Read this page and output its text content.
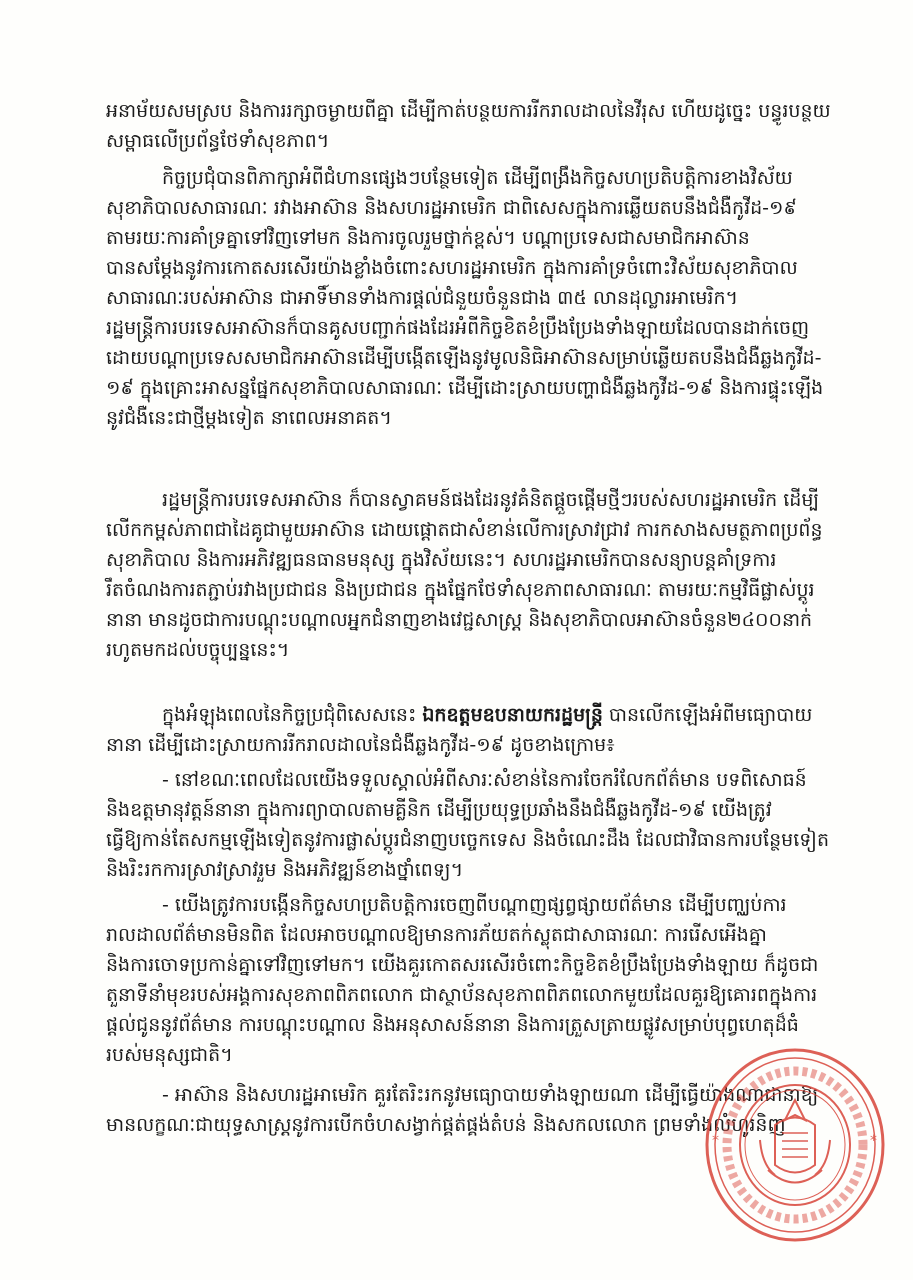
អនាម័យសមស្រប និងការរក្សាចម្ងាយពីគ្នា ដើម្បីកាត់បន្ថយការរីករាលដាលនៃវីរុស ហើយដូច្នេះ បន្ធូរបន្ថយ
សម្ពាធលើប្រព័ន្ធថែទាំសុខភាព។
កិច្ចប្រជុំបានពិភាក្សាអំពីជំហានផ្សេងៗបន្ថែមទៀត ដើម្បីពង្រឹងកិច្ចសហប្រតិបត្តិការខាងវិស័យ
សុខាភិបាលសាធារណៈ រវាងអាស៊ាន និងសហរដ្ឋអាមេរិក ជាពិសេសក្នុងការឆ្លើយតបនឹងជំងឺកូវីដ-១៩
តាមរយៈការគាំទ្រគ្នាទៅវិញទៅមក និងការចូលរួមថ្នាក់ខ្ពស់។ បណ្ដាប្រទេសជាសមាជិកអាស៊ាន
បានសម្ដែងនូវការកោតសរសើរយ៉ាងខ្លាំងចំពោះសហរដ្ឋអាមេរិក ក្នុងការគាំទ្រចំពោះវិស័យសុខាភិបាល
សាធារណៈរបស់អាស៊ាន ជាអាទិ៍មានទាំងការផ្ដល់ជំនួយចំនួនជាង ៣៥ លានដុល្លារអាមេរិក។
រដ្ឋមន្ត្រីការបរទេសអាស៊ានក៏បានគូសបញ្ជាក់ផងដែរអំពីកិច្ចខិតខំប្រឹងប្រែងទាំងឡាយដែលបានដាក់ចេញ
ដោយបណ្ដាប្រទេសសមាជិកអាស៊ានដើម្បីបង្កើតឡើងនូវមូលនិធិអាស៊ានសម្រាប់ឆ្លើយតបនឹងជំងឺឆ្លងកូវីដ-
១៩ ក្នុងគ្រោះអាសន្នផ្នែកសុខាភិបាលសាធារណៈ ដើម្បីដោះស្រាយបញ្ហាជំងឺឆ្លងកូវីដ-១៩ និងការផ្ទុះឡើង
នូវជំងឺនេះជាថ្មីម្ដងទៀត នាពេលអនាគត។
រដ្ឋមន្ត្រីការបរទេសអាស៊ាន ក៏បានស្វាគមន៍ផងដែរនូវគំនិតផ្ដួចផ្ដើមថ្មីៗរបស់សហរដ្ឋអាមេរិក ដើម្បី
លើកកម្ពស់ភាពជាដៃគូជាមួយអាស៊ាន ដោយផ្ដោតជាសំខាន់លើការស្រាវជ្រាវ ការកសាងសមត្ថភាពប្រព័ន្ធ
សុខាភិបាល និងការអភិវឌ្ឍធនធានមនុស្ស ក្នុងវិស័យនេះ។ សហរដ្ឋអាមេរិកបានសន្យាបន្តគាំទ្រការ
រឹតចំណងការតភ្ជាប់រវាងប្រជាជន និងប្រជាជន ក្នុងផ្នែកថែទាំសុខភាពសាធារណៈ តាមរយៈកម្មវិធីផ្លាស់ប្ដូរ
នានា មានដូចជាការបណ្ដុះបណ្ដាលអ្នកជំនាញខាងវេជ្ជសាស្ត្រ និងសុខាភិបាលអាស៊ានចំនួន២៤០០នាក់
រហូតមកដល់បច្ចុប្បន្ននេះ។
ក្នុងអំឡុងពេលនៃកិច្ចប្រជុំពិសេសនេះ ឯកឧត្តមឧបនាយករដ្ឋមន្ត្រី បានលើកឡើងអំពីមធ្យោបាយ
នានា ដើម្បីដោះស្រាយការរីករាលដាលនៃជំងឺឆ្លងកូវីដ-១៩ ដូចខាងក្រោម៖
- នៅខណៈពេលដែលយើងទទួលស្គាល់អំពីសារៈសំខាន់នៃការចែករំលែកព័ត៌មាន បទពិសោធន៍
និងឧត្តមានុវត្តន៍នានា ក្នុងការព្យាបាលតាមគ្លីនិក ដើម្បីប្រយុទ្ធប្រឆាំងនឹងជំងឺឆ្លងកូវីដ-១៩ យើងត្រូវ
ធ្វើឱ្យកាន់តែសកម្មឡើងទៀតនូវការផ្លាស់ប្ដូរជំនាញបច្ចេកទេស និងចំណេះដឹង ដែលជាវិធានការបន្ថែមទៀត
និងរិះរកការស្រាវស្រាវរួម និងអភិវឌ្ឍន៍ខាងថ្នាំពេទ្យ។
- យើងត្រូវការបង្កើនកិច្ចសហប្រតិបត្តិការចេញពីបណ្ដាញផ្សព្វផ្សាយព័ត៌មាន ដើម្បីបញ្ឈប់ការ
រាលដាលព័ត៌មានមិនពិត ដែលអាចបណ្ដាលឱ្យមានការភ័យតក់ស្លុតជាសាធារណៈ ការរើសអើងគ្នា
និងការចោទប្រកាន់គ្នាទៅវិញទៅមក។ យើងគួរកោតសរសើរចំពោះកិច្ចខិតខំប្រឹងប្រែងទាំងឡាយ ក៏ដូចជា
តួនាទីនាំមុខរបស់អង្គការសុខភាពពិភពលោក ជាស្ថាប័នសុខភាពពិភពលោកមួយដែលគួរឱ្យគោរពក្នុងការ
ផ្ដល់ជូននូវព័ត៌មាន ការបណ្ដុះបណ្ដាល និងអនុសាសន៍នានា និងការត្រួសត្រាយផ្លូវសម្រាប់បុព្វហេតុដ៏ធំ
របស់មនុស្សជាតិ។
- អាស៊ាន និងសហរដ្ឋអាមេរិក គួរតែរិះរកនូវមធ្យោបាយទាំងឡាយណា ដើម្បីធ្វើយ៉ាងណាជានាឱ្យ
មានលក្ខណៈជាយុទ្ធសាស្ត្រនូវការបើកចំហសង្វាក់ផ្គត់ផ្គង់តំបន់ និងសកលលោក ព្រមទាំងលំហូរនិញ
*	*
